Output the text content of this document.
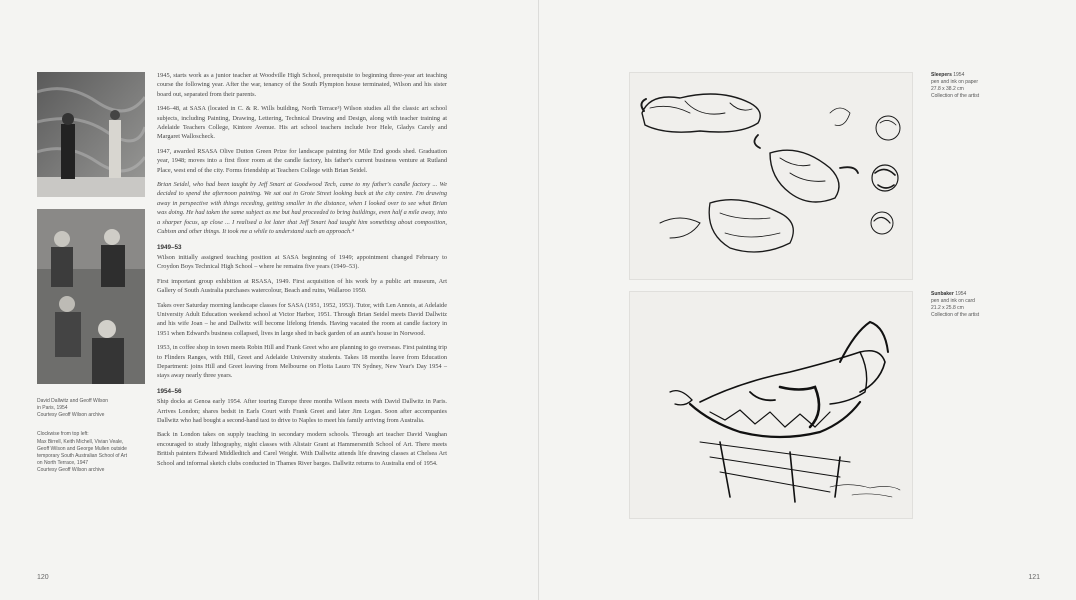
David Dallwitz and Geoff Wilson
in Paris, 1954
Courtesy Geoff Wilson archive
Clockwise from top left:
Max Birrell, Keith Michell, Vivian Veale,
Geoff Wilson and George Mullen outside
temporary South Australian School of Art
on North Terrace, 1947
Courtesy Geoff Wilson archive

1945, starts work as a junior teacher at Woodville High School, prerequisite to beginning three-year art teaching course the following year. After the war, tenancy of the South Plympton house terminated, Wilson and his sister board out, separated from their parents.

1946–48, at SASA (located in C. & R. Wills building, North Terrace³) Wilson studies all the classic art school subjects, including Painting, Drawing, Lettering, Technical Drawing and Design, along with teacher training at Adelaide Teachers College, Kintore Avenue. His art school teachers include Ivor Hele, Gladys Carely and Margaret Walloscheck.

1947, awarded RSASA Olive Dutton Green Prize for landscape painting for Mile End goods shed. Graduation year, 1948; moves into a first floor room at the candle factory, his father's current business venture at Rutland Place, west end of the city. Forms friendship at Teachers College with Brian Seidel.

Brian Seidel, who had been taught by Jeff Smart at Goodwood Tech, came to my father's candle factory ... We decided to spend the afternoon painting. We sat out in Grote Street looking back at the city centre. I'm drawing away in perspective with things receding, getting smaller in the distance, when I looked over to see what Brian was doing. He had taken the same subject as me but had proceeded to bring buildings, even half a mile away, into a sharper focus, up close ... I realised a lot later that Jeff Smart had taught him something about composition, Cubism and other things. It took me a while to understand such an approach.⁴

1949–53

Wilson initially assigned teaching position at SASA beginning of 1949; appointment changed February to Croydon Boys Technical High School – where he remains five years (1949–53).

First important group exhibition at RSASA, 1949. First acquisition of his work by a public art museum, Art Gallery of South Australia purchases watercolour, Beach and ruins, Wallaroo 1950.

Takes over Saturday morning landscape classes for SASA (1951, 1952, 1953). Tutor, with Len Annois, at Adelaide University Adult Education weekend school at Victor Harbor, 1951. Through Brian Seidel meets David Dallwitz and his wife Joan – he and Dallwitz will become lifelong friends. Having vacated the room at candle factory in 1951 when Edward's business collapsed, lives in large shed in back garden of an aunt's house in Norwood.

1953, in coffee shop in town meets Robin Hill and Frank Greet who are planning to go overseas. First painting trip to Flinders Ranges, with Hill, Greet and Adelaide University students. Takes 18 months leave from Education Department: joins Hill and Greet leaving from Melbourne on Flotta Lauro TN Sydney, New Year's Day 1954 – stays away nearly three years.

1954–56

Ship docks at Genoa early 1954. After touring Europe three months Wilson meets with David Dallwitz in Paris. Arrives London; shares bedsit in Earls Court with Frank Greet and later Jim Logan. Soon after accompanies Dallwitz who had bought a second-hand taxi to drive to Naples to meet his family arriving from Australia.

Back in London takes on supply teaching in secondary modern schools. Through art teacher David Vaughan encouraged to study lithography, night classes with Alistair Grant at Hammersmith School of Art. There meets British painters Edward Middleditch and Carel Weight. With Dallwitz attends life drawing classes at Chelsea Art School and informal sketch clubs conducted in Thames River barges. Dallwitz returns to Australia end of 1954.

120
Sleepers 1954
pen and ink on paper
27.8 x 38.2 cm
Collection of the artist
Sunbaker 1954
pen and ink on card
21.2 x 25.8 cm
Collection of the artist
121
